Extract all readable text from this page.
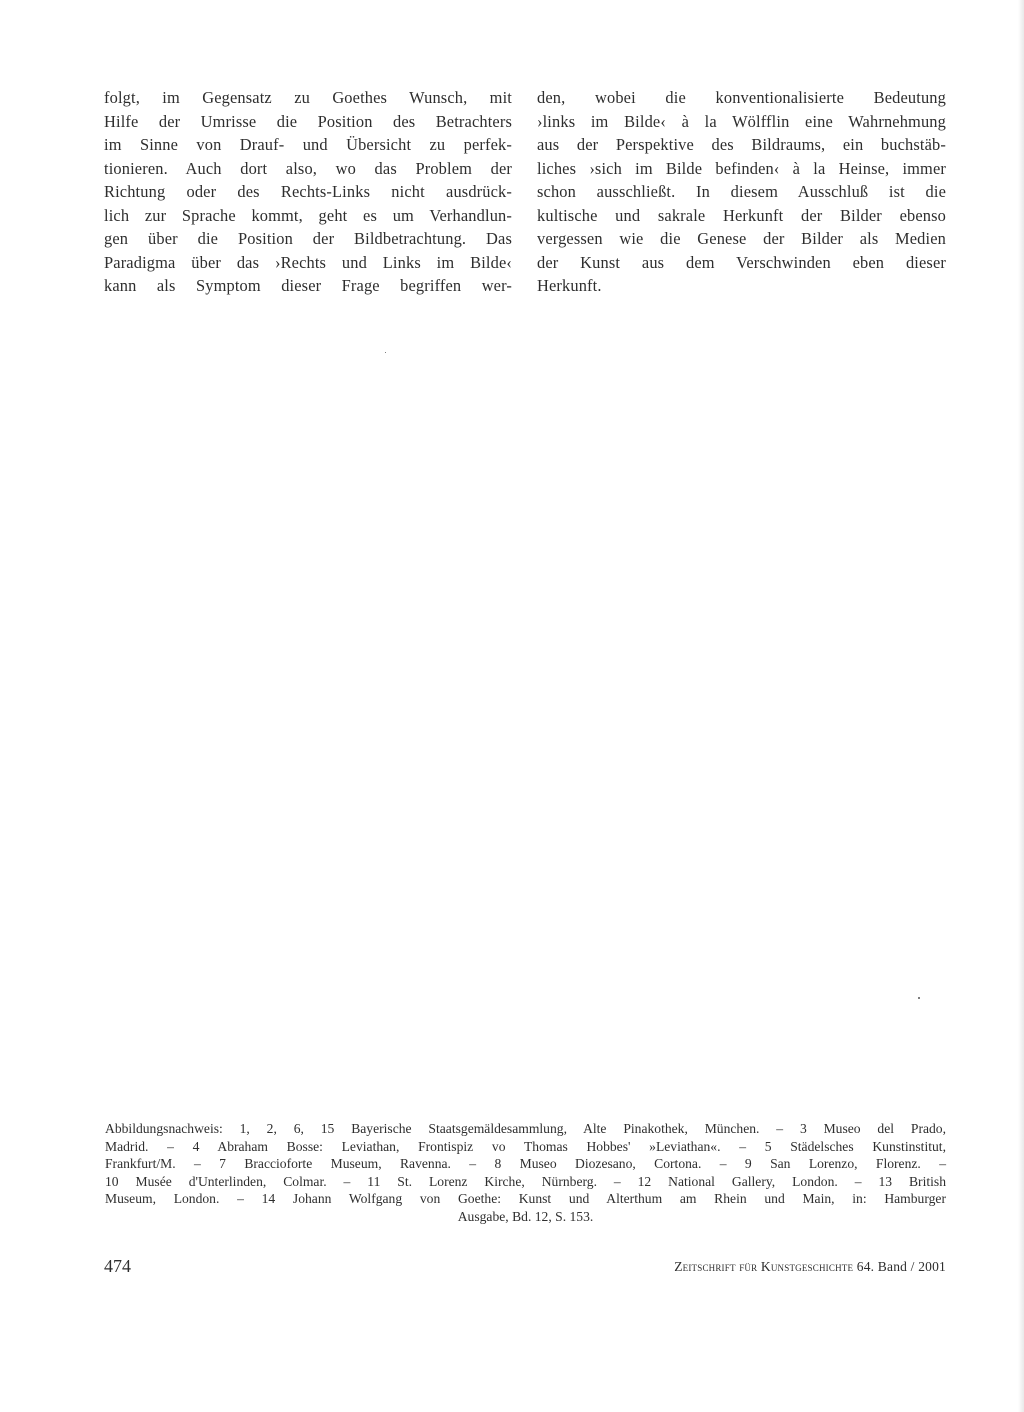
folgt, im Gegensatz zu Goethes Wunsch, mit
Hilfe der Umrisse die Position des Betrachters
im Sinne von Drauf- und Übersicht zu perfek-
tionieren. Auch dort also, wo das Problem der
Richtung oder des Rechts-Links nicht ausdrück-
lich zur Sprache kommt, geht es um Verhandlun-
gen über die Position der Bildbetrachtung. Das
Paradigma über das ›Rechts und Links im Bilde‹
kann als Symptom dieser Frage begriffen wer-
den, wobei die konventionalisierte Bedeutung
›links im Bilde‹ à la Wölfflin eine Wahrnehmung
aus der Perspektive des Bildraums, ein buchstäb-
liches ›sich im Bilde befinden‹ à la Heinse, immer
schon ausschließt. In diesem Ausschluß ist die
kultische und sakrale Herkunft der Bilder ebenso
vergessen wie die Genese der Bilder als Medien
der Kunst aus dem Verschwinden eben dieser
Herkunft.
Abbildungsnachweis: 1, 2, 6, 15 Bayerische Staatsgemäldesammlung, Alte Pinakothek, München. – 3 Museo del Prado,
Madrid. – 4 Abraham Bosse: Leviathan, Frontispiz vo Thomas Hobbes' »Leviathan«. – 5 Städelsches Kunstinstitut,
Frankfurt/M. – 7 Braccioforte Museum, Ravenna. – 8 Museo Diozesano, Cortona. – 9 San Lorenzo, Florenz. –
10 Musée d'Unterlinden, Colmar. – 11 St. Lorenz Kirche, Nürnberg. – 12 National Gallery, London. – 13 British
Museum, London. – 14 Johann Wolfgang von Goethe: Kunst und Alterthum am Rhein und Main, in: Hamburger
Ausgabe, Bd. 12, S. 153.
474	Zeitschrift für Kunstgeschichte 64. Band / 2001
